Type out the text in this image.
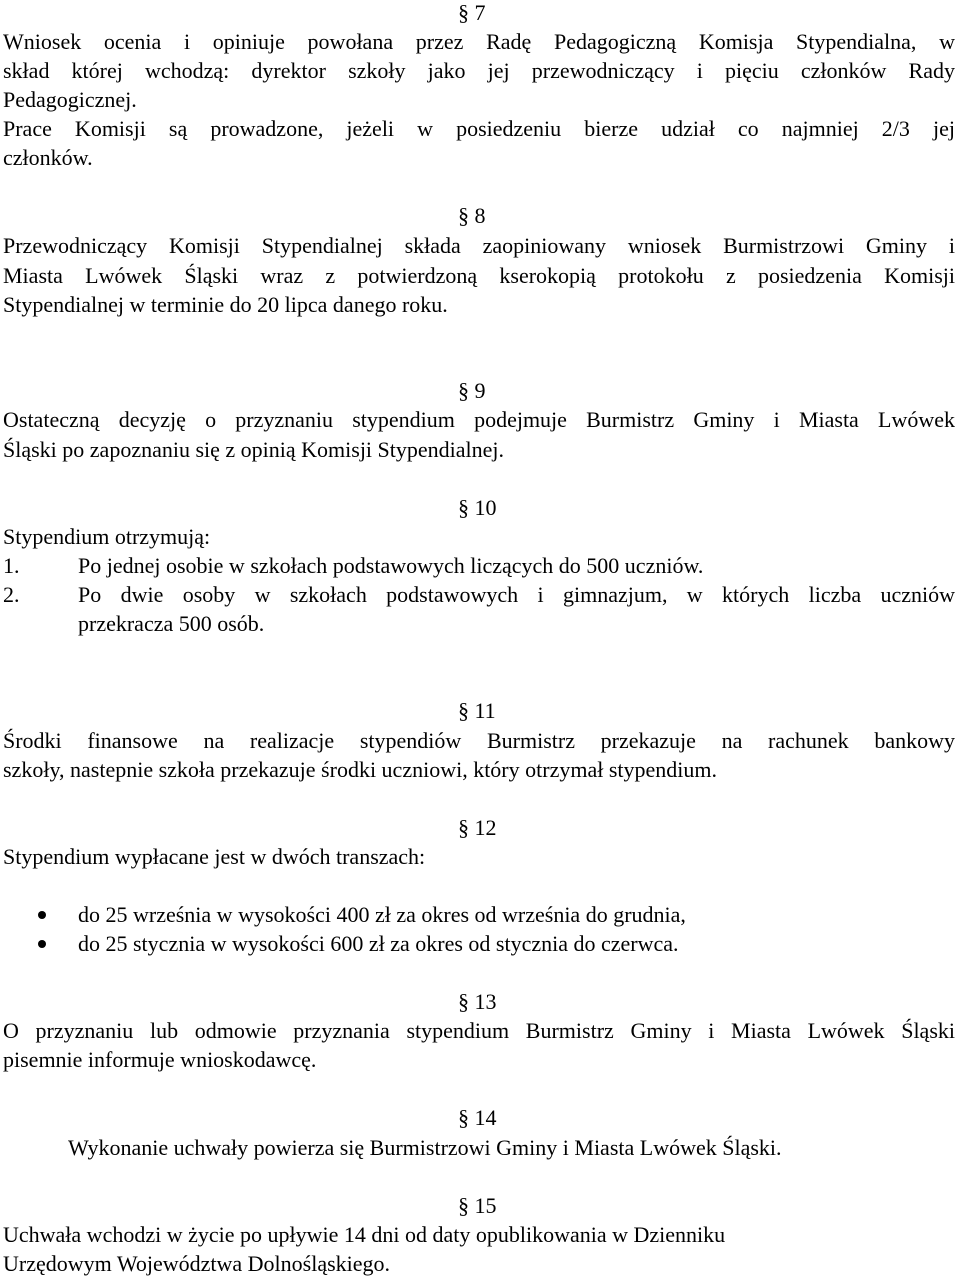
§ 7
Wniosek ocenia i opiniuje powołana przez Radę Pedagogiczną Komisja Stypendialna, w
skład której wchodzą: dyrektor szkoły jako jej przewodniczący i pięciu członków Rady
Pedagogicznej.
Prace Komisji są prowadzone, jeżeli w posiedzeniu bierze udział co najmniej 2/3 jej
członków.
§ 8
Przewodniczący Komisji Stypendialnej składa zaopiniowany wniosek Burmistrzowi Gminy i
Miasta Lwówek Śląski wraz z potwierdzoną kserokopią protokołu z posiedzenia Komisji
Stypendialnej w terminie do 20 lipca danego roku.
§ 9
Ostateczną decyzję o przyznaniu stypendium podejmuje Burmistrz Gminy i Miasta Lwówek
Śląski po zapoznaniu się z opinią Komisji Stypendialnej.
§ 10
Stypendium otrzymują:
1.	Po jednej osobie w szkołach podstawowych liczących do 500 uczniów.
2.	Po dwie osoby w szkołach podstawowych i gimnazjum, w których liczba uczniów
przekracza 500 osób.
§ 11
Środki finansowe na realizacje stypendiów Burmistrz przekazuje na rachunek bankowy
szkoły, nastepnie szkoła przekazuje środki uczniowi, który otrzymał stypendium.
§ 12
Stypendium wypłacane jest w dwóch transzach:
do 25 września w wysokości 400 zł za okres od września do grudnia,
do 25 stycznia w wysokości 600 zł za okres od stycznia do czerwca.
§ 13
O przyznaniu lub odmowie przyznania stypendium Burmistrz Gminy i Miasta Lwówek Śląski
pisemnie informuje wnioskodawcę.
§ 14
Wykonanie uchwały powierza się Burmistrzowi Gminy i Miasta Lwówek Śląski.
§ 15
Uchwała wchodzi w życie po upływie 14 dni od daty opublikowania w Dzienniku
Urzędowym Województwa Dolnośląskiego.
